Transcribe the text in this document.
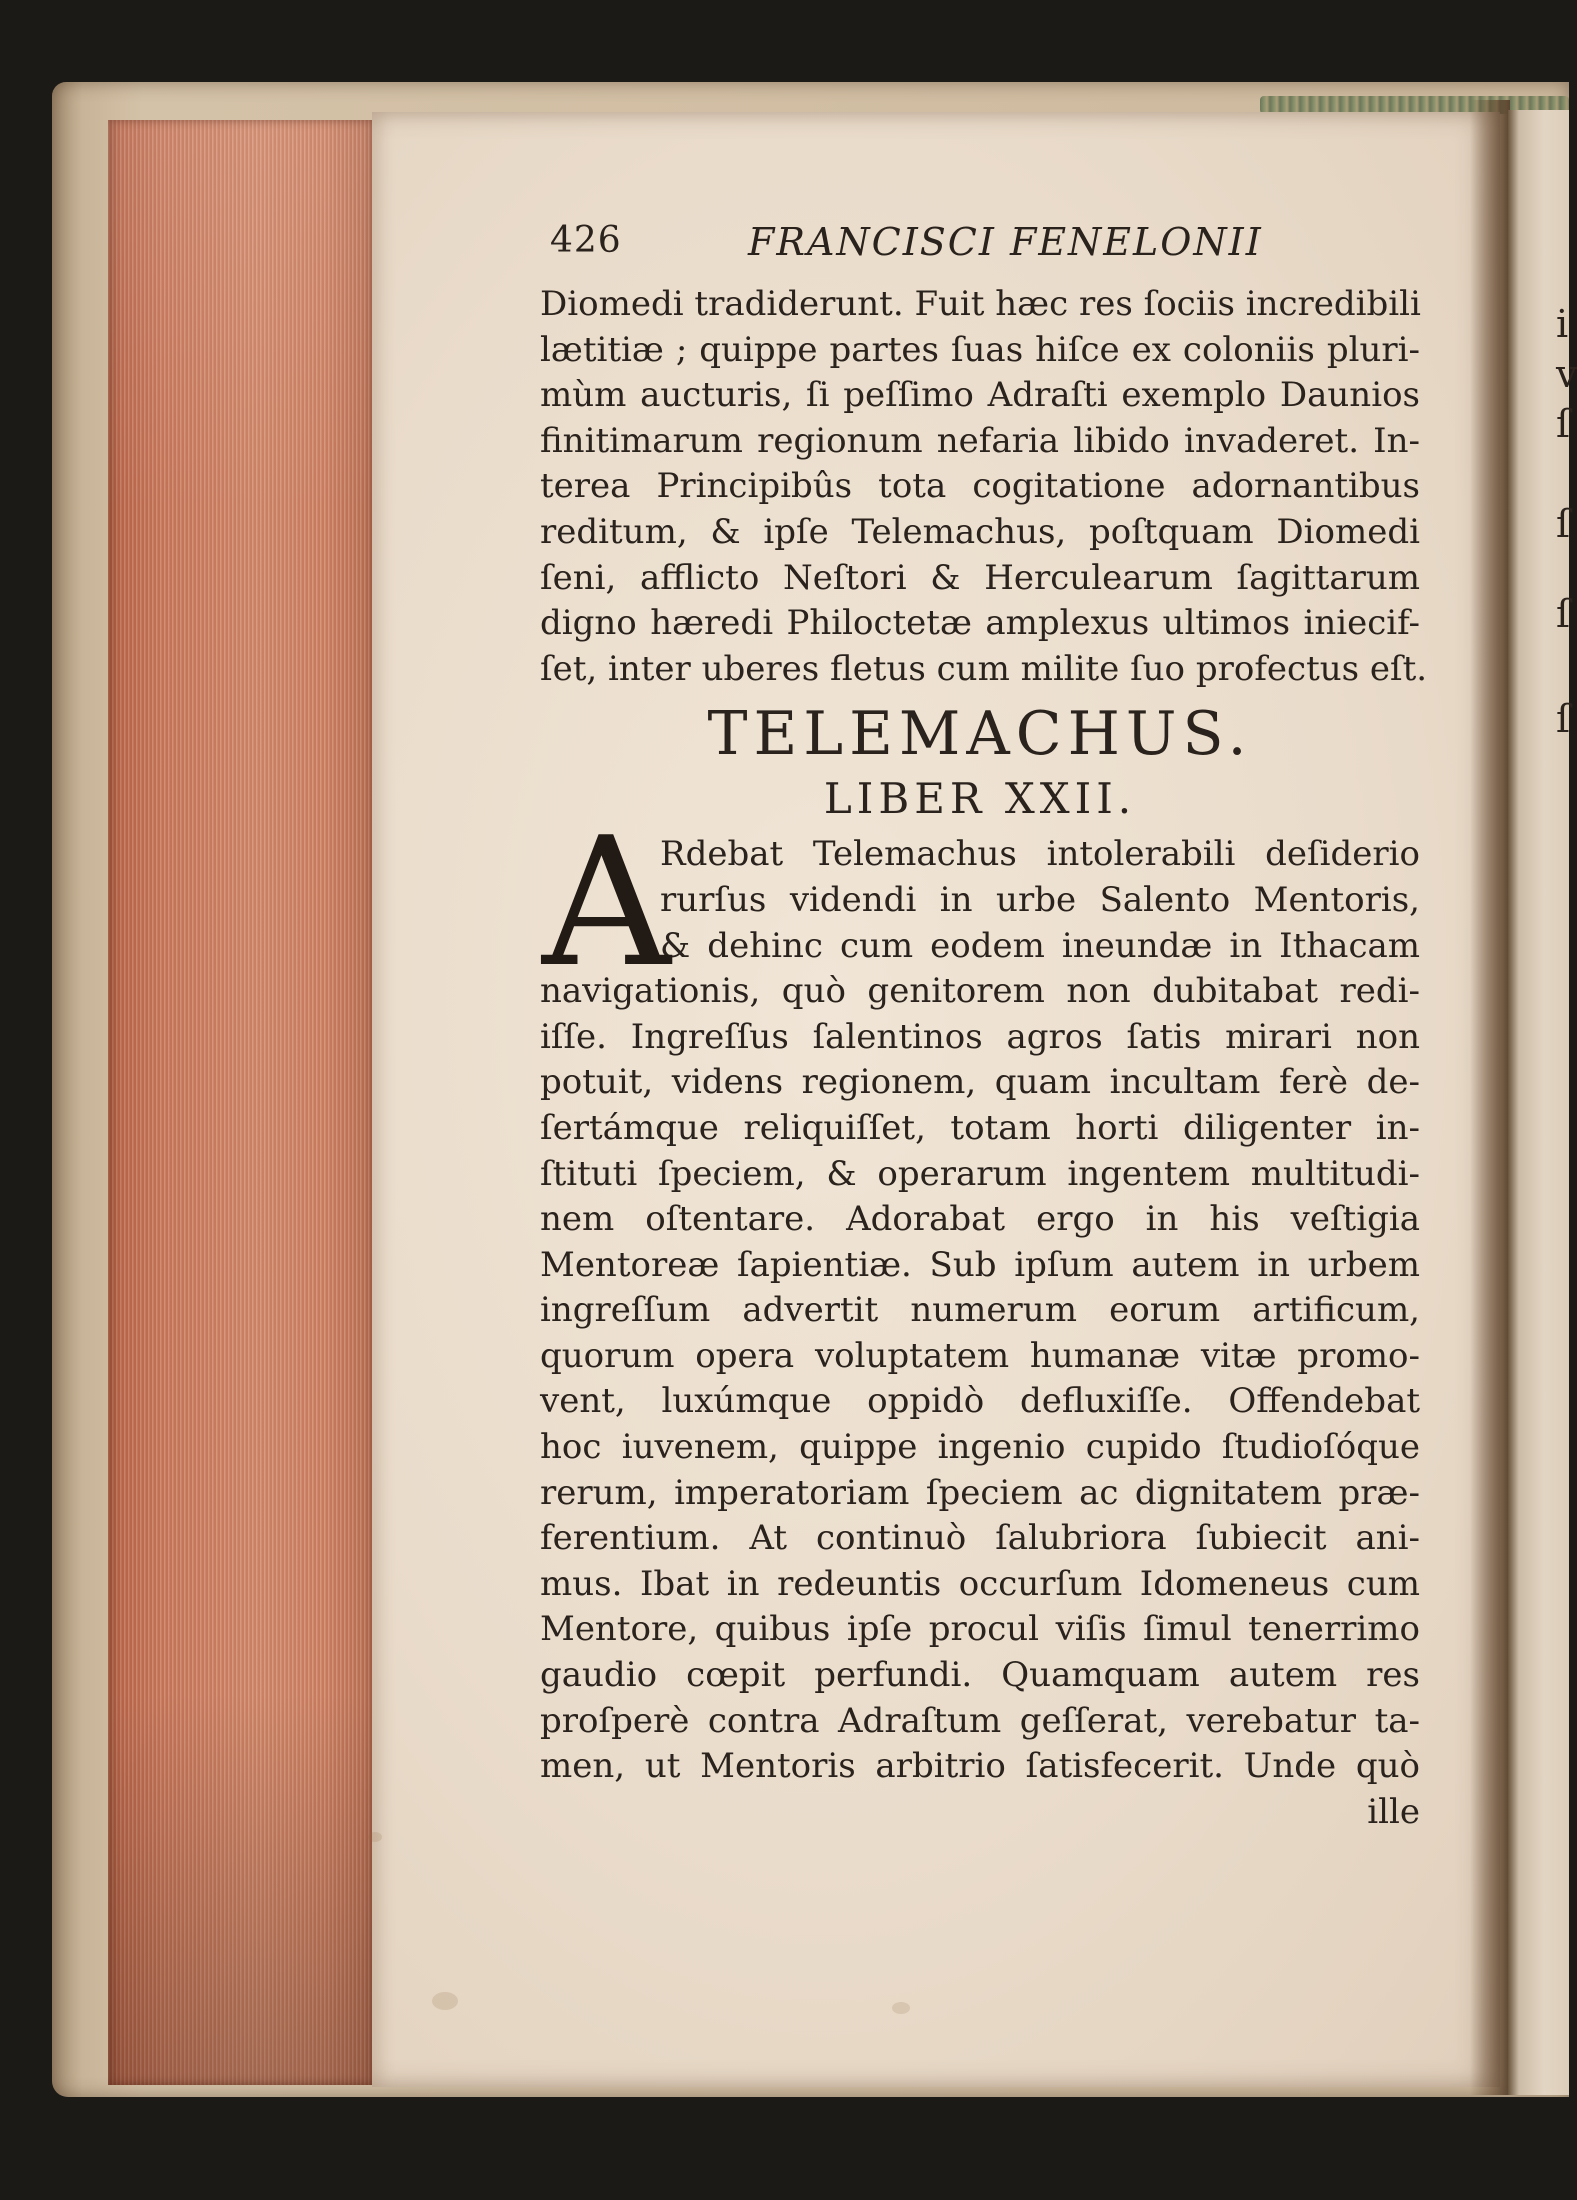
i
v
ſ
ſ
ſ
ſ
426	FRANCISCI FENELONII
Diomedi tradiderunt. Fuit hæc res ſociis incredibili
lætitiæ ; quippe partes ſuas hiſce ex coloniis pluri-
mùm aucturis, ſi peſſimo Adraſti exemplo Daunios
finitimarum regionum nefaria libido invaderet. In-
terea Principibûs tota cogitatione adornantibus
reditum, & ipſe Telemachus, poſtquam Diomedi
ſeni, afflicto Neſtori & Herculearum ſagittarum
digno hæredi Philoctetæ amplexus ultimos iniecif-
ſet, inter uberes fletus cum milite ſuo profectus eſt.
TELEMACHUS.
LIBER XXII.
A
Rdebat Telemachus intolerabili deſiderio
rurſus videndi in urbe Salento Mentoris,
& dehinc cum eodem ineundæ in Ithacam
navigationis, quò genitorem non dubitabat redi-
iſſe. Ingreſſus ſalentinos agros ſatis mirari non
potuit, videns regionem, quam incultam ferè de-
ſertámque reliquiſſet, totam horti diligenter in-
ſtituti ſpeciem, & operarum ingentem multitudi-
nem oſtentare. Adorabat ergo in his veſtigia
Mentoreæ ſapientiæ. Sub ipſum autem in urbem
ingreſſum advertit numerum eorum artificum,
quorum opera voluptatem humanæ vitæ promo-
vent, luxúmque oppidò defluxiſſe. Offendebat
hoc iuvenem, quippe ingenio cupido ſtudioſóque
rerum, imperatoriam ſpeciem ac dignitatem præ-
ferentium. At continuò ſalubriora ſubiecit ani-
mus. Ibat in redeuntis occurſum Idomeneus cum
Mentore, quibus ipſe procul viſis ſimul tenerrimo
gaudio cœpit perfundi. Quamquam autem res
proſperè contra Adraſtum geſſerat, verebatur ta-
men, ut Mentoris arbitrio ſatisfecerit. Unde quò
ille
